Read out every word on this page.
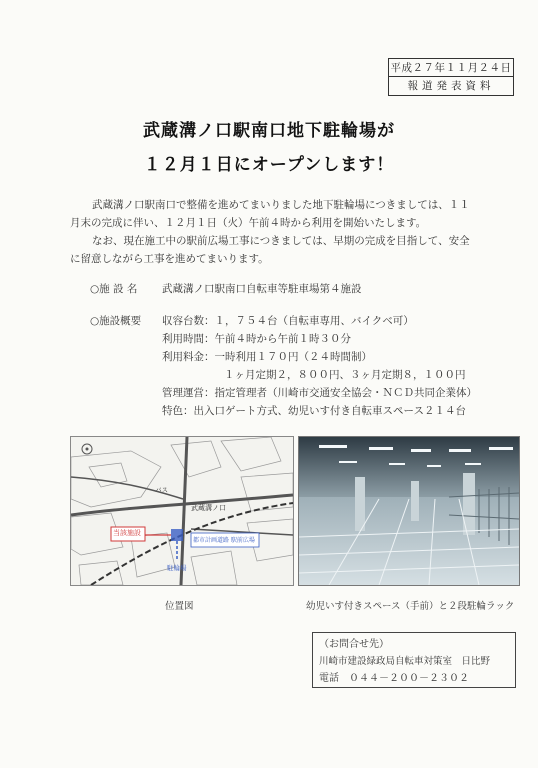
平成２７年１１月２４日
報道発表資料
武蔵溝ノ口駅南口地下駐輪場が
１２月１日にオープンします！
武蔵溝ノ口駅南口で整備を進めてまいりました地下駐輪場につきましては、１１
月末の完成に伴い、１２月１日（火）午前４時から利用を開始いたします。
なお、現在施工中の駅前広場工事につきましては、早期の完成を目指して、安全
に留意しながら工事を進めてまいります。
○施 設 名 武蔵溝ノ口駅南口自転車等駐車場第４施設
○施設概要 収容台数：１，７５４台（自転車専用、バイクベ可）
利用時間：午前４時から午前１時３０分
利用料金：一時利用１７０円（２４時間制）
１ヶ月定期２，８００円、３ヶ月定期８，１００円
管理運営：指定管理者（川崎市交通安全協会・ＮＣＤ共同企業体）
特色：出入口ゲート方式、幼児いす付き自転車スペース２１４台
武蔵溝ノ口
バス
当該施設
都市計画道路 駅前広場
駐輪場
位置図	幼児いす付きスペース（手前）と２段駐輪ラック
（お問合せ先）
川崎市建設緑政局自転車対策室　日比野
電話　０４４－２００－２３０２
